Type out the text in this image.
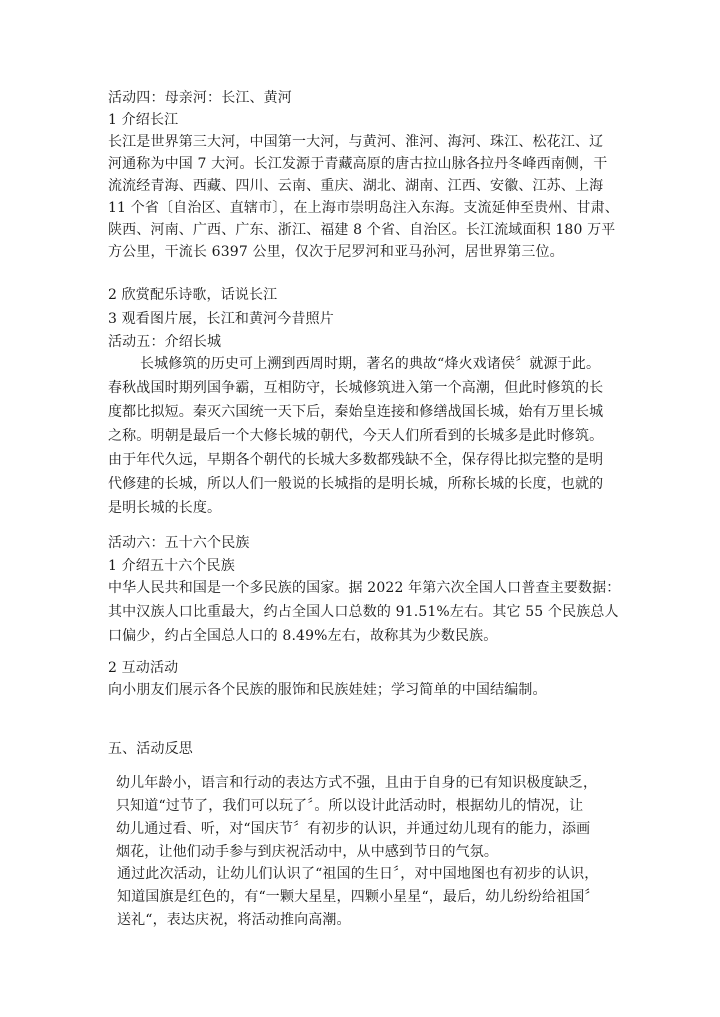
活动四：母亲河：长江、黄河
1 介绍长江
长江是世界第三大河，中国第一大河，与黄河、淮河、海河、珠江、松花江、辽
河通称为中国 7 大河。长江发源于青藏高原的唐古拉山脉各拉丹冬峰西南侧，干
流流经青海、西藏、四川、云南、重庆、湖北、湖南、江西、安徽、江苏、上海
11 个省〔自治区、直辖市〕，在上海市崇明岛注入东海。支流延伸至贵州、甘肃、
陕西、河南、广西、广东、浙江、福建 8 个省、自治区。长江流域面积 180 万平
方公里，干流长 6397 公里，仅次于尼罗河和亚马孙河，居世界第三位。
2 欣赏配乐诗歌，话说长江
3 观看图片展，长江和黄河今昔照片
活动五：介绍长城
长城修筑的历史可上溯到西周时期，著名的典故“烽火戏诸侯〞就源于此。
春秋战国时期列国争霸，互相防守，长城修筑进入第一个高潮，但此时修筑的长
度都比拟短。秦灭六国统一天下后，秦始皇连接和修缮战国长城，始有万里长城
之称。明朝是最后一个大修长城的朝代，今天人们所看到的长城多是此时修筑。
由于年代久远，早期各个朝代的长城大多数都残缺不全，保存得比拟完整的是明
代修建的长城，所以人们一般说的长城指的是明长城，所称长城的长度，也就的
是明长城的长度。
活动六：五十六个民族
1 介绍五十六个民族
中华人民共和国是一个多民族的国家。据 2022 年第六次全国人口普查主要数据：
其中汉族人口比重最大，约占全国人口总数的 91.51%左右。其它 55 个民族总人
口偏少，约占全国总人口的 8.49%左右，故称其为少数民族。
2 互动活动
向小朋友们展示各个民族的服饰和民族娃娃；学习简单的中国结编制。
五、活动反思
幼儿年龄小，语言和行动的表达方式不强，且由于自身的已有知识极度缺乏，
只知道“过节了，我们可以玩了〞。所以设计此活动时，根据幼儿的情况，让
幼儿通过看、听，对“国庆节〞有初步的认识，并通过幼儿现有的能力，添画
烟花，让他们动手参与到庆祝活动中，从中感到节日的气氛。
通过此次活动，让幼儿们认识了“祖国的生日〞，对中国地图也有初步的认识，
知道国旗是红色的，有“一颗大星星，四颗小星星“，最后，幼儿纷纷给祖国〞
送礼“，表达庆祝，将活动推向高潮。
